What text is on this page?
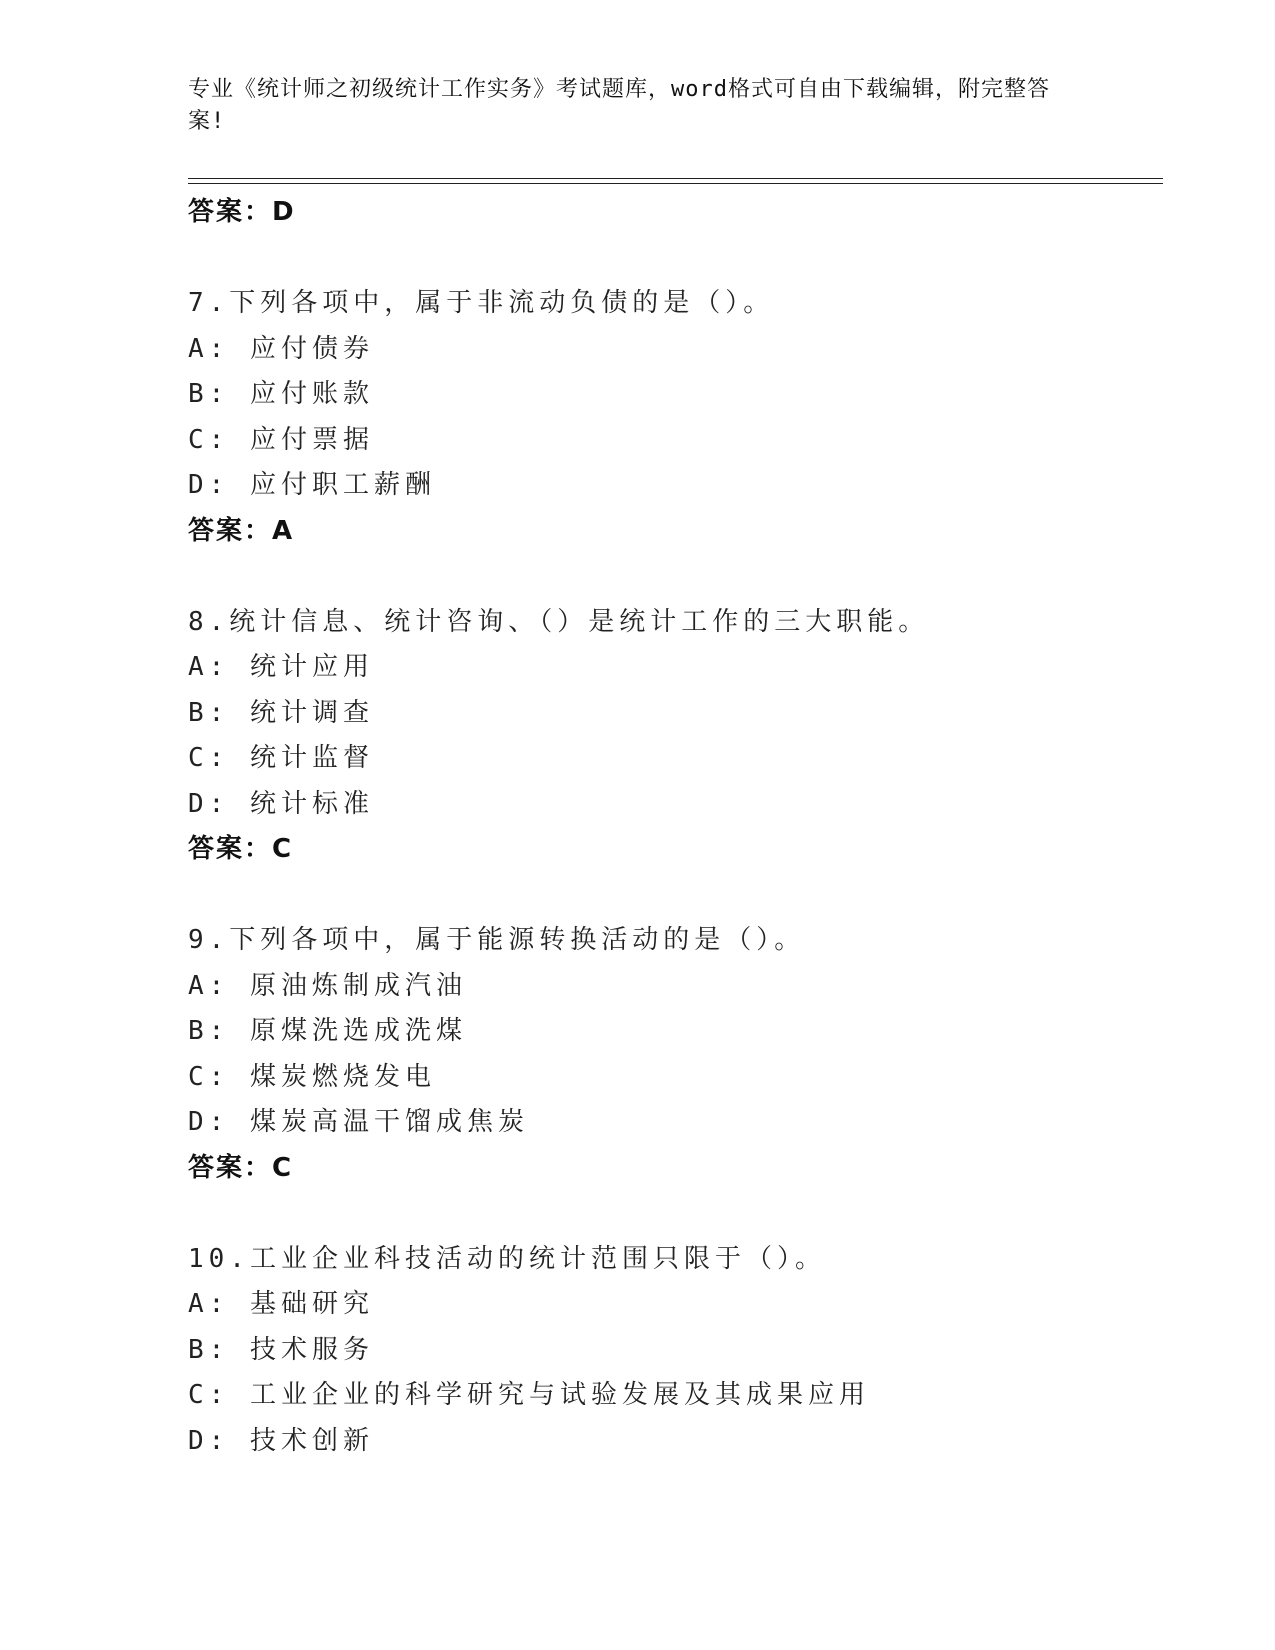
专业《统计师之初级统计工作实务》考试题库，word格式可自由下载编辑，附完整答案!
答案：D
7.下列各项中，属于非流动负债的是（）。
A: 应付债券
B: 应付账款
C: 应付票据
D: 应付职工薪酬
答案：A
8.统计信息、统计咨询、（）是统计工作的三大职能。
A: 统计应用
B: 统计调查
C: 统计监督
D: 统计标准
答案：C
9.下列各项中，属于能源转换活动的是（）。
A: 原油炼制成汽油
B: 原煤洗选成洗煤
C: 煤炭燃烧发电
D: 煤炭高温干馏成焦炭
答案：C
10.工业企业科技活动的统计范围只限于（）。
A: 基础研究
B: 技术服务
C: 工业企业的科学研究与试验发展及其成果应用
D: 技术创新
